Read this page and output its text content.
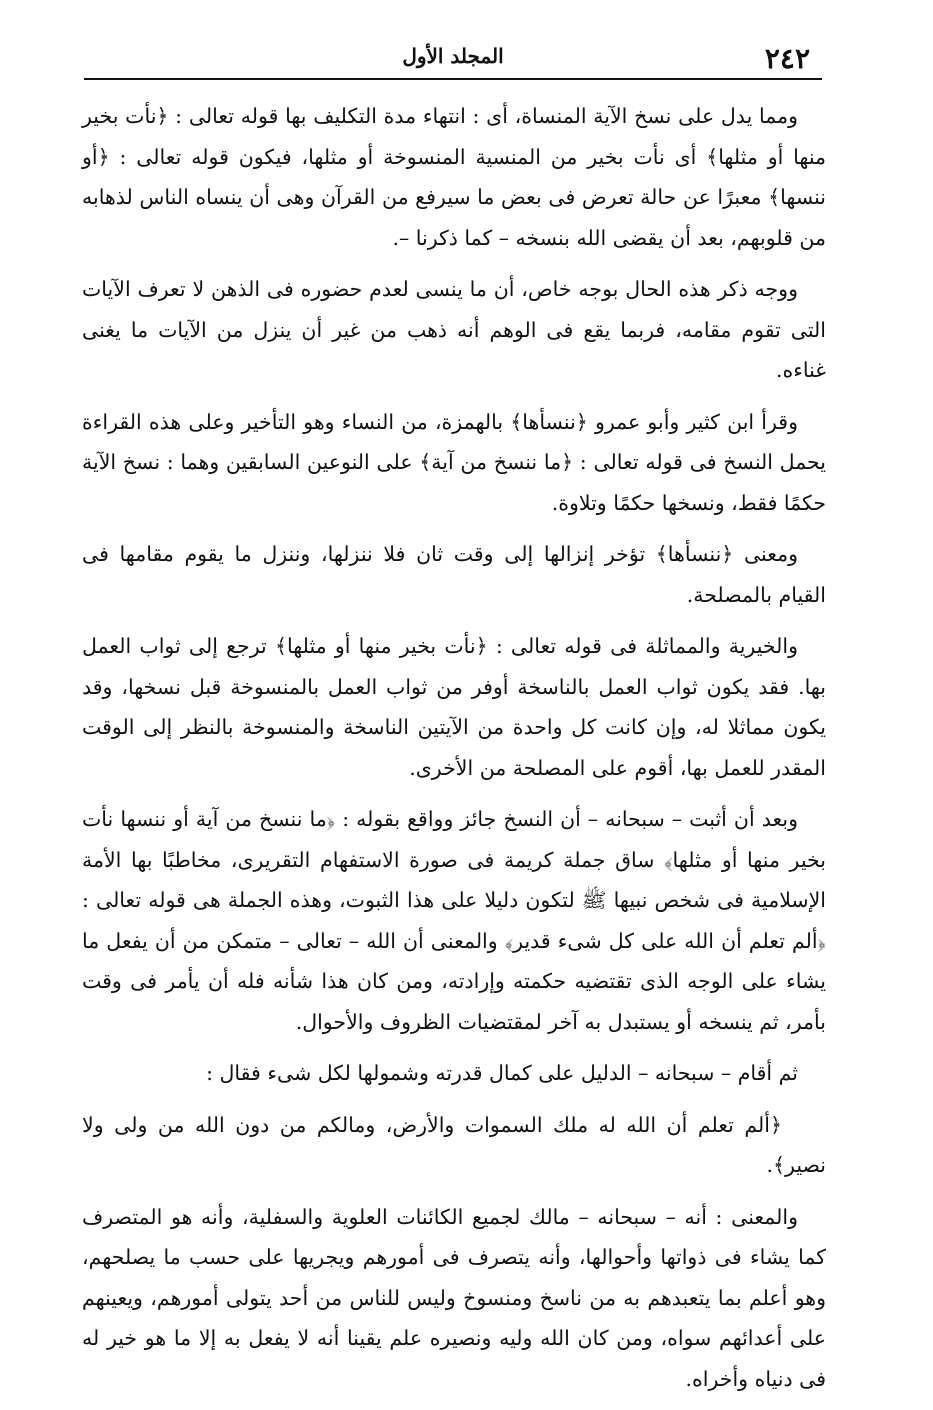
٢٤٢
المجلد الأول

ومما يدل على نسخ الآية المنساة، أى : انتهاء مدة التكليف بها قوله تعالى : ﴿نأت بخير منها أو مثلها﴾ أى نأت بخير من المنسية المنسوخة أو مثلها، فيكون قوله تعالى : ﴿أو ننسها﴾ معبرًا عن حالة تعرض فى بعض ما سيرفع من القرآن وهى أن ينساه الناس لذهابه من قلوبهم، بعد أن يقضى الله بنسخه – كما ذكرنا –.

ووجه ذكر هذه الحال بوجه خاص، أن ما ينسى لعدم حضوره فى الذهن لا تعرف الآيات التى تقوم مقامه، فربما يقع فى الوهم أنه ذهب من غير أن ينزل من الآيات ما يغنى غناءه.

وقرأ ابن كثير وأبو عمرو ﴿ننسأها﴾ بالهمزة، من النساء وهو التأخير وعلى هذه القراءة يحمل النسخ فى قوله تعالى : ﴿ما ننسخ من آية﴾ على النوعين السابقين وهما : نسخ الآية حكمًا فقط، ونسخها حكمًا وتلاوة.

ومعنى ﴿ننسأها﴾ تؤخر إنزالها إلى وقت ثان فلا ننزلها، وننزل ما يقوم مقامها فى القيام بالمصلحة.

والخيرية والمماثلة فى قوله تعالى : ﴿نأت بخير منها أو مثلها﴾ ترجع إلى ثواب العمل بها. فقد يكون ثواب العمل بالناسخة أوفر من ثواب العمل بالمنسوخة قبل نسخها، وقد يكون مماثلا له، وإن كانت كل واحدة من الآيتين الناسخة والمنسوخة بالنظر إلى الوقت المقدر للعمل بها، أقوم على المصلحة من الأخرى.

وبعد أن أثبت – سبحانه – أن النسخ جائز وواقع بقوله : ﴿ما ننسخ من آية أو ننسها نأت بخير منها أو مثلها﴾ ساق جملة كريمة فى صورة الاستفهام التقريرى، مخاطبًا بها الأمة الإسلامية فى شخص نبيها ﷺ لتكون دليلا على هذا الثبوت، وهذه الجملة هى قوله تعالى : ﴿ألم تعلم أن الله على كل شىء قدير﴾ والمعنى أن الله – تعالى – متمكن من أن يفعل ما يشاء على الوجه الذى تقتضيه حكمته وإرادته، ومن كان هذا شأنه فله أن يأمر فى وقت بأمر، ثم ينسخه أو يستبدل به آخر لمقتضيات الظروف والأحوال.

ثم أقام – سبحانه – الدليل على كمال قدرته وشمولها لكل شىء فقال :

﴿ألم تعلم أن الله له ملك السموات والأرض، ومالكم من دون الله من ولى ولا نصير﴾.

والمعنى : أنه – سبحانه – مالك لجميع الكائنات العلوية والسفلية، وأنه هو المتصرف كما يشاء فى ذواتها وأحوالها، وأنه يتصرف فى أمورهم ويجريها على حسب ما يصلحهم، وهو أعلم بما يتعبدهم به من ناسخ ومنسوخ وليس للناس من أحد يتولى أمورهم، ويعينهم على أعدائهم سواه، ومن كان الله وليه ونصيره علم يقينا أنه لا يفعل به إلا ما هو خير له فى دنياه وأخراه.
